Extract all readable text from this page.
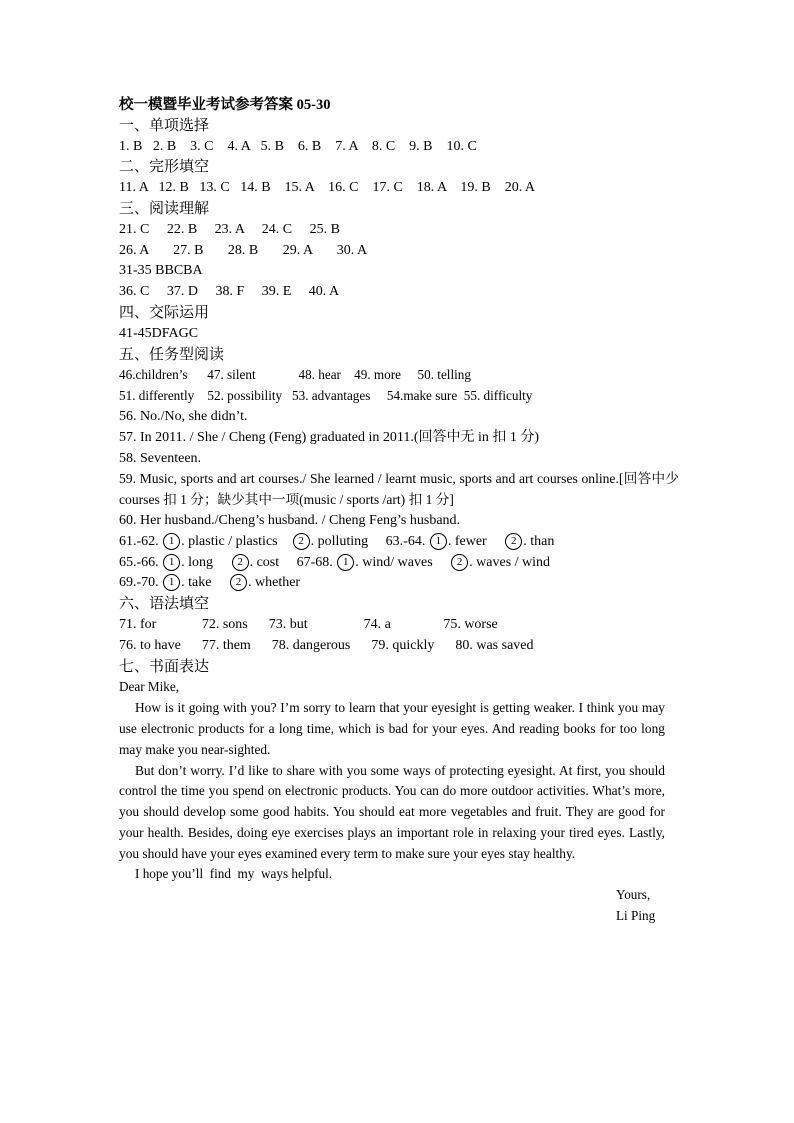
校一模暨毕业考试参考答案 05-30
一、单项选择
1. B   2. B    3. C    4. A   5. B    6. B    7. A    8. C    9. B    10. C
二、完形填空
11. A   12. B   13. C   14. B    15. A    16. C    17. C    18. A    19. B    20. A
三、阅读理解
21. C     22. B     23. A     24. C     25. B
26. A       27. B       28. B       29. A       30. A
31-35 BBCBA
36. C     37. D     38. F     39. E     40. A
四、交际运用
41-45DFAGC
五、任务型阅读
46.children’s      47. silent             48. hear    49. more     50. telling
51. differently    52. possibility   53. advantages     54.make sure  55. difficulty
56. No./No, she didn’t.
57. In 2011. / She / Cheng (Feng) graduated in 2011.(回答中无 in 扣 1 分)
58. Seventeen.
59. Music, sports and art courses./ She learned / learnt music, sports and art courses online.[回答中少 courses 扣 1 分；缺少其中一项(music / sports /art) 扣 1 分]
60. Her husband./Cheng’s husband. / Cheng Feng’s husband.
61.-62. 1 . plastic / plastics    2 . polluting     63.-64. 1 . fewer     2 . than
65.-66. 1 . long     2 . cost     67-68. 1 . wind/ waves     2 . waves / wind
69.-70. 1 . take     2 . whether
六、语法填空
71. for             72. sons      73. but                74. a               75. worse
76. to have      77. them      78. dangerous      79. quickly      80. was saved
七、书面表达
Dear Mike,
How is it going with you? I’m sorry to learn that your eyesight is getting weaker. I think you may use electronic products for a long time, which is bad for your eyes. And reading books for too long may make you near-sighted.
But don’t worry. I’d like to share with you some ways of protecting eyesight. At first, you should control the time you spend on electronic products. You can do more outdoor activities. What’s more, you should develop some good habits. You should eat more vegetables and fruit. They are good for your health. Besides, doing eye exercises plays an important role in relaxing your tired eyes. Lastly, you should have your eyes examined every term to make sure your eyes stay healthy.
I hope you’ll  find  my  ways helpful.
Yours,
Li Ping
